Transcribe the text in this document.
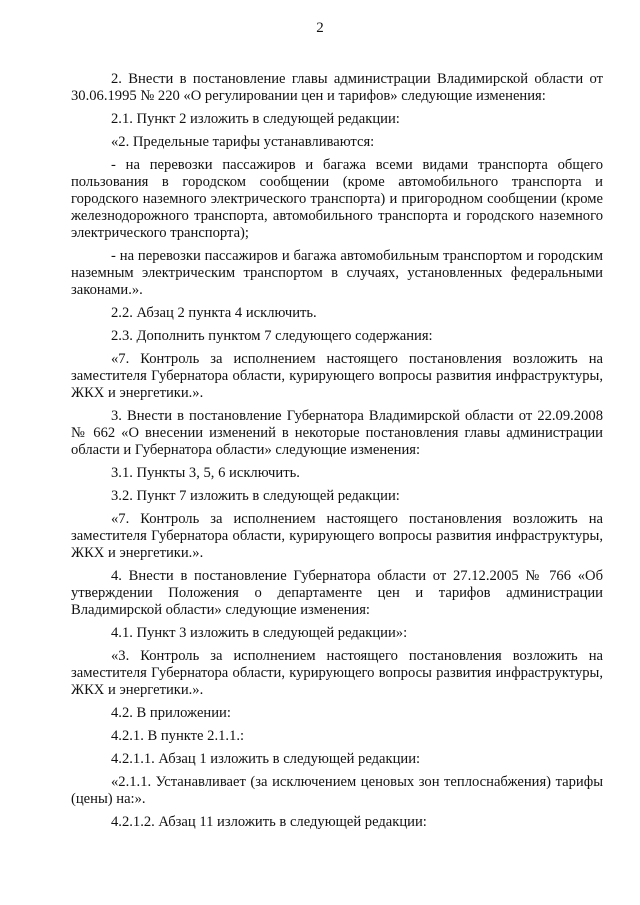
2

2. Внести в постановление главы администрации Владимирской области от 30.06.1995 № 220 «О регулировании цен и тарифов» следующие изменения:

2.1. Пункт 2 изложить в следующей редакции:

«2. Предельные тарифы устанавливаются:

- на перевозки пассажиров и багажа всеми видами транспорта общего пользования в городском сообщении (кроме автомобильного транспорта и городского наземного электрического транспорта) и пригородном сообщении (кроме железнодорожного транспорта, автомобильного транспорта и городского наземного электрического транспорта);

- на перевозки пассажиров и багажа автомобильным транспортом и городским наземным электрическим транспортом в случаях, установленных федеральными законами.».

2.2. Абзац 2 пункта 4 исключить.

2.3. Дополнить пунктом 7 следующего содержания:

«7. Контроль за исполнением настоящего постановления возложить на заместителя Губернатора области, курирующего вопросы развития инфраструктуры, ЖКХ и энергетики.».

3. Внести в постановление Губернатора Владимирской области от 22.09.2008 № 662 «О внесении изменений в некоторые постановления главы администрации области и Губернатора области» следующие изменения:

3.1. Пункты 3, 5, 6 исключить.

3.2. Пункт 7 изложить в следующей редакции:

«7. Контроль за исполнением настоящего постановления возложить на заместителя Губернатора области, курирующего вопросы развития инфраструктуры, ЖКХ и энергетики.».

4. Внести в постановление Губернатора области от 27.12.2005 № 766 «Об утверждении Положения о департаменте цен и тарифов администрации Владимирской области» следующие изменения:

4.1. Пункт 3 изложить в следующей редакции»:

«3. Контроль за исполнением настоящего постановления возложить на заместителя Губернатора области, курирующего вопросы развития инфраструктуры, ЖКХ и энергетики.».

4.2. В приложении:

4.2.1. В пункте 2.1.1.:

4.2.1.1. Абзац 1 изложить в следующей редакции:

«2.1.1. Устанавливает (за исключением ценовых зон теплоснабжения) тарифы (цены) на:».

4.2.1.2. Абзац 11 изложить в следующей редакции:
